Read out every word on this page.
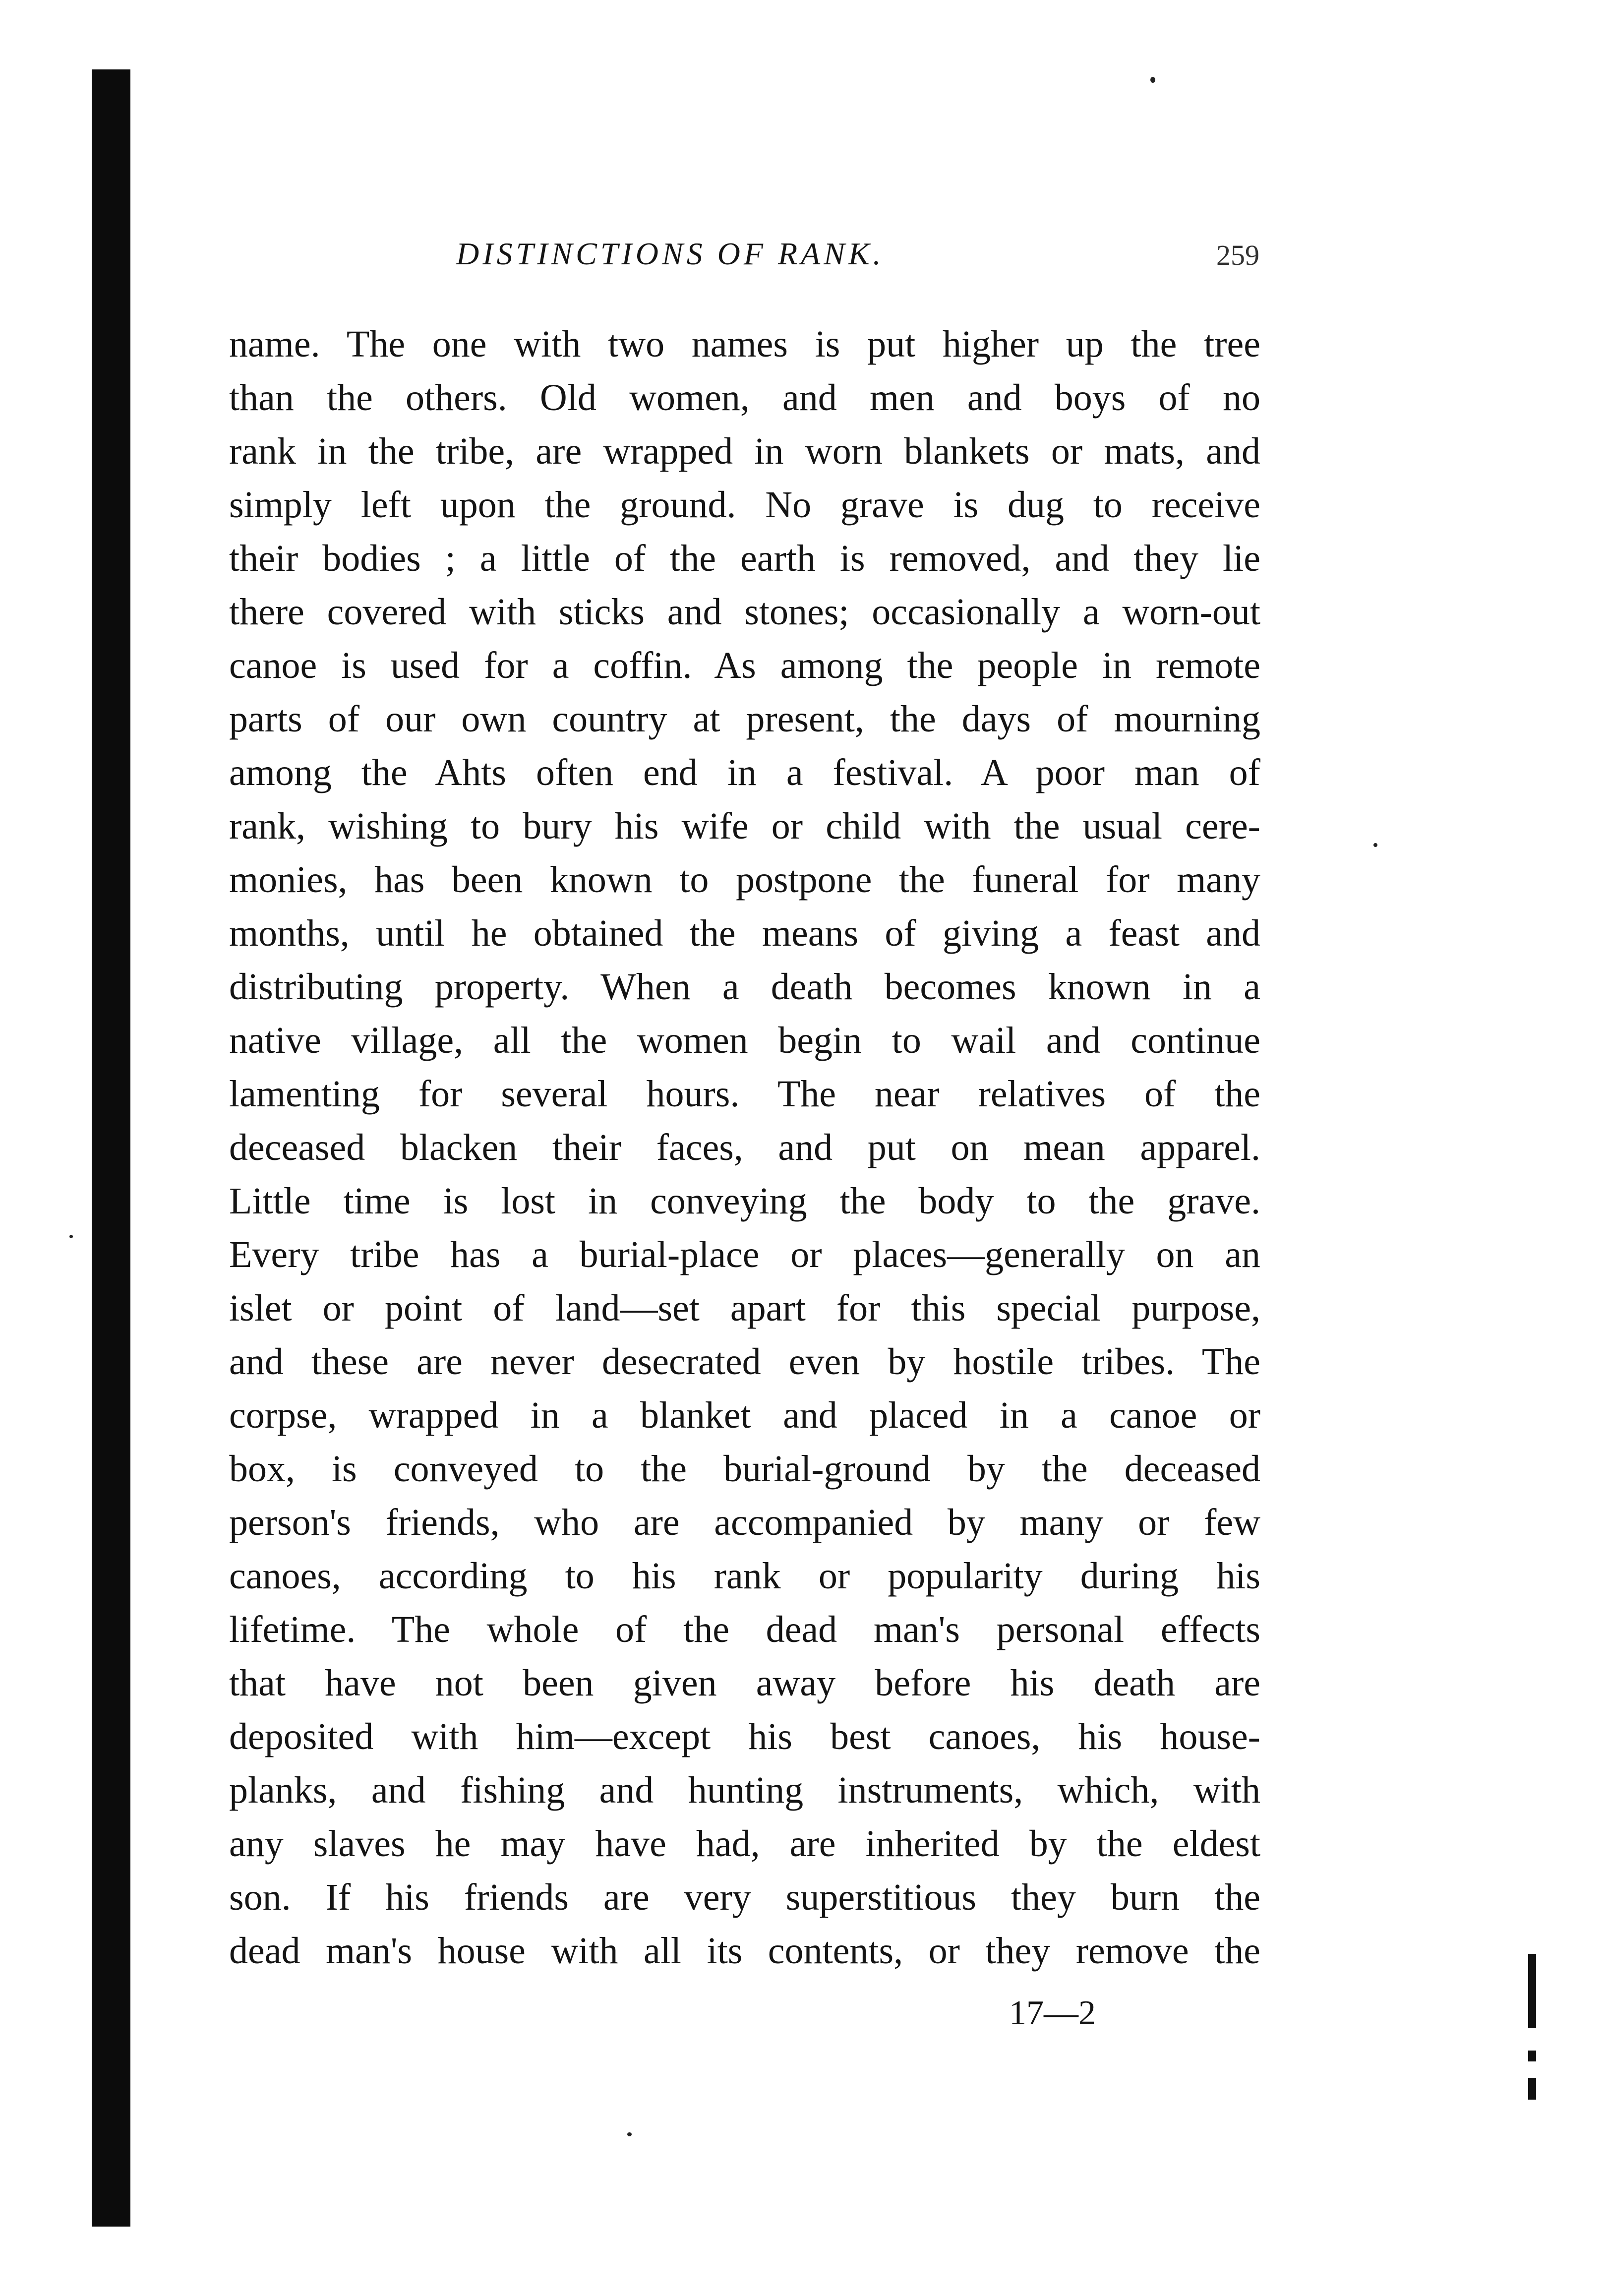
DISTINCTIONS OF RANK.	259
name. The one with two names is put higher up the tree
than the others. Old women, and men and boys of no
rank in the tribe, are wrapped in worn blankets or mats, and
simply left upon the ground. No grave is dug to receive
their bodies ; a little of the earth is removed, and they lie
there covered with sticks and stones; occasionally a worn-out
canoe is used for a coffin. As among the people in remote
parts of our own country at present, the days of mourning
among the Ahts often end in a festival. A poor man of
rank, wishing to bury his wife or child with the usual cere-
monies, has been known to postpone the funeral for many
months, until he obtained the means of giving a feast and
distributing property. When a death becomes known in a
native village, all the women begin to wail and continue
lamenting for several hours. The near relatives of the
deceased blacken their faces, and put on mean apparel.
Little time is lost in conveying the body to the grave.
Every tribe has a burial-place or places—generally on an
islet or point of land—set apart for this special purpose,
and these are never desecrated even by hostile tribes. The
corpse, wrapped in a blanket and placed in a canoe or
box, is conveyed to the burial-ground by the deceased
person's friends, who are accompanied by many or few
canoes, according to his rank or popularity during his
lifetime. The whole of the dead man's personal effects
that have not been given away before his death are
deposited with him—except his best canoes, his house-
planks, and fishing and hunting instruments, which, with
any slaves he may have had, are inherited by the eldest
son. If his friends are very superstitious they burn the
dead man's house with all its contents, or they remove the
17—2
